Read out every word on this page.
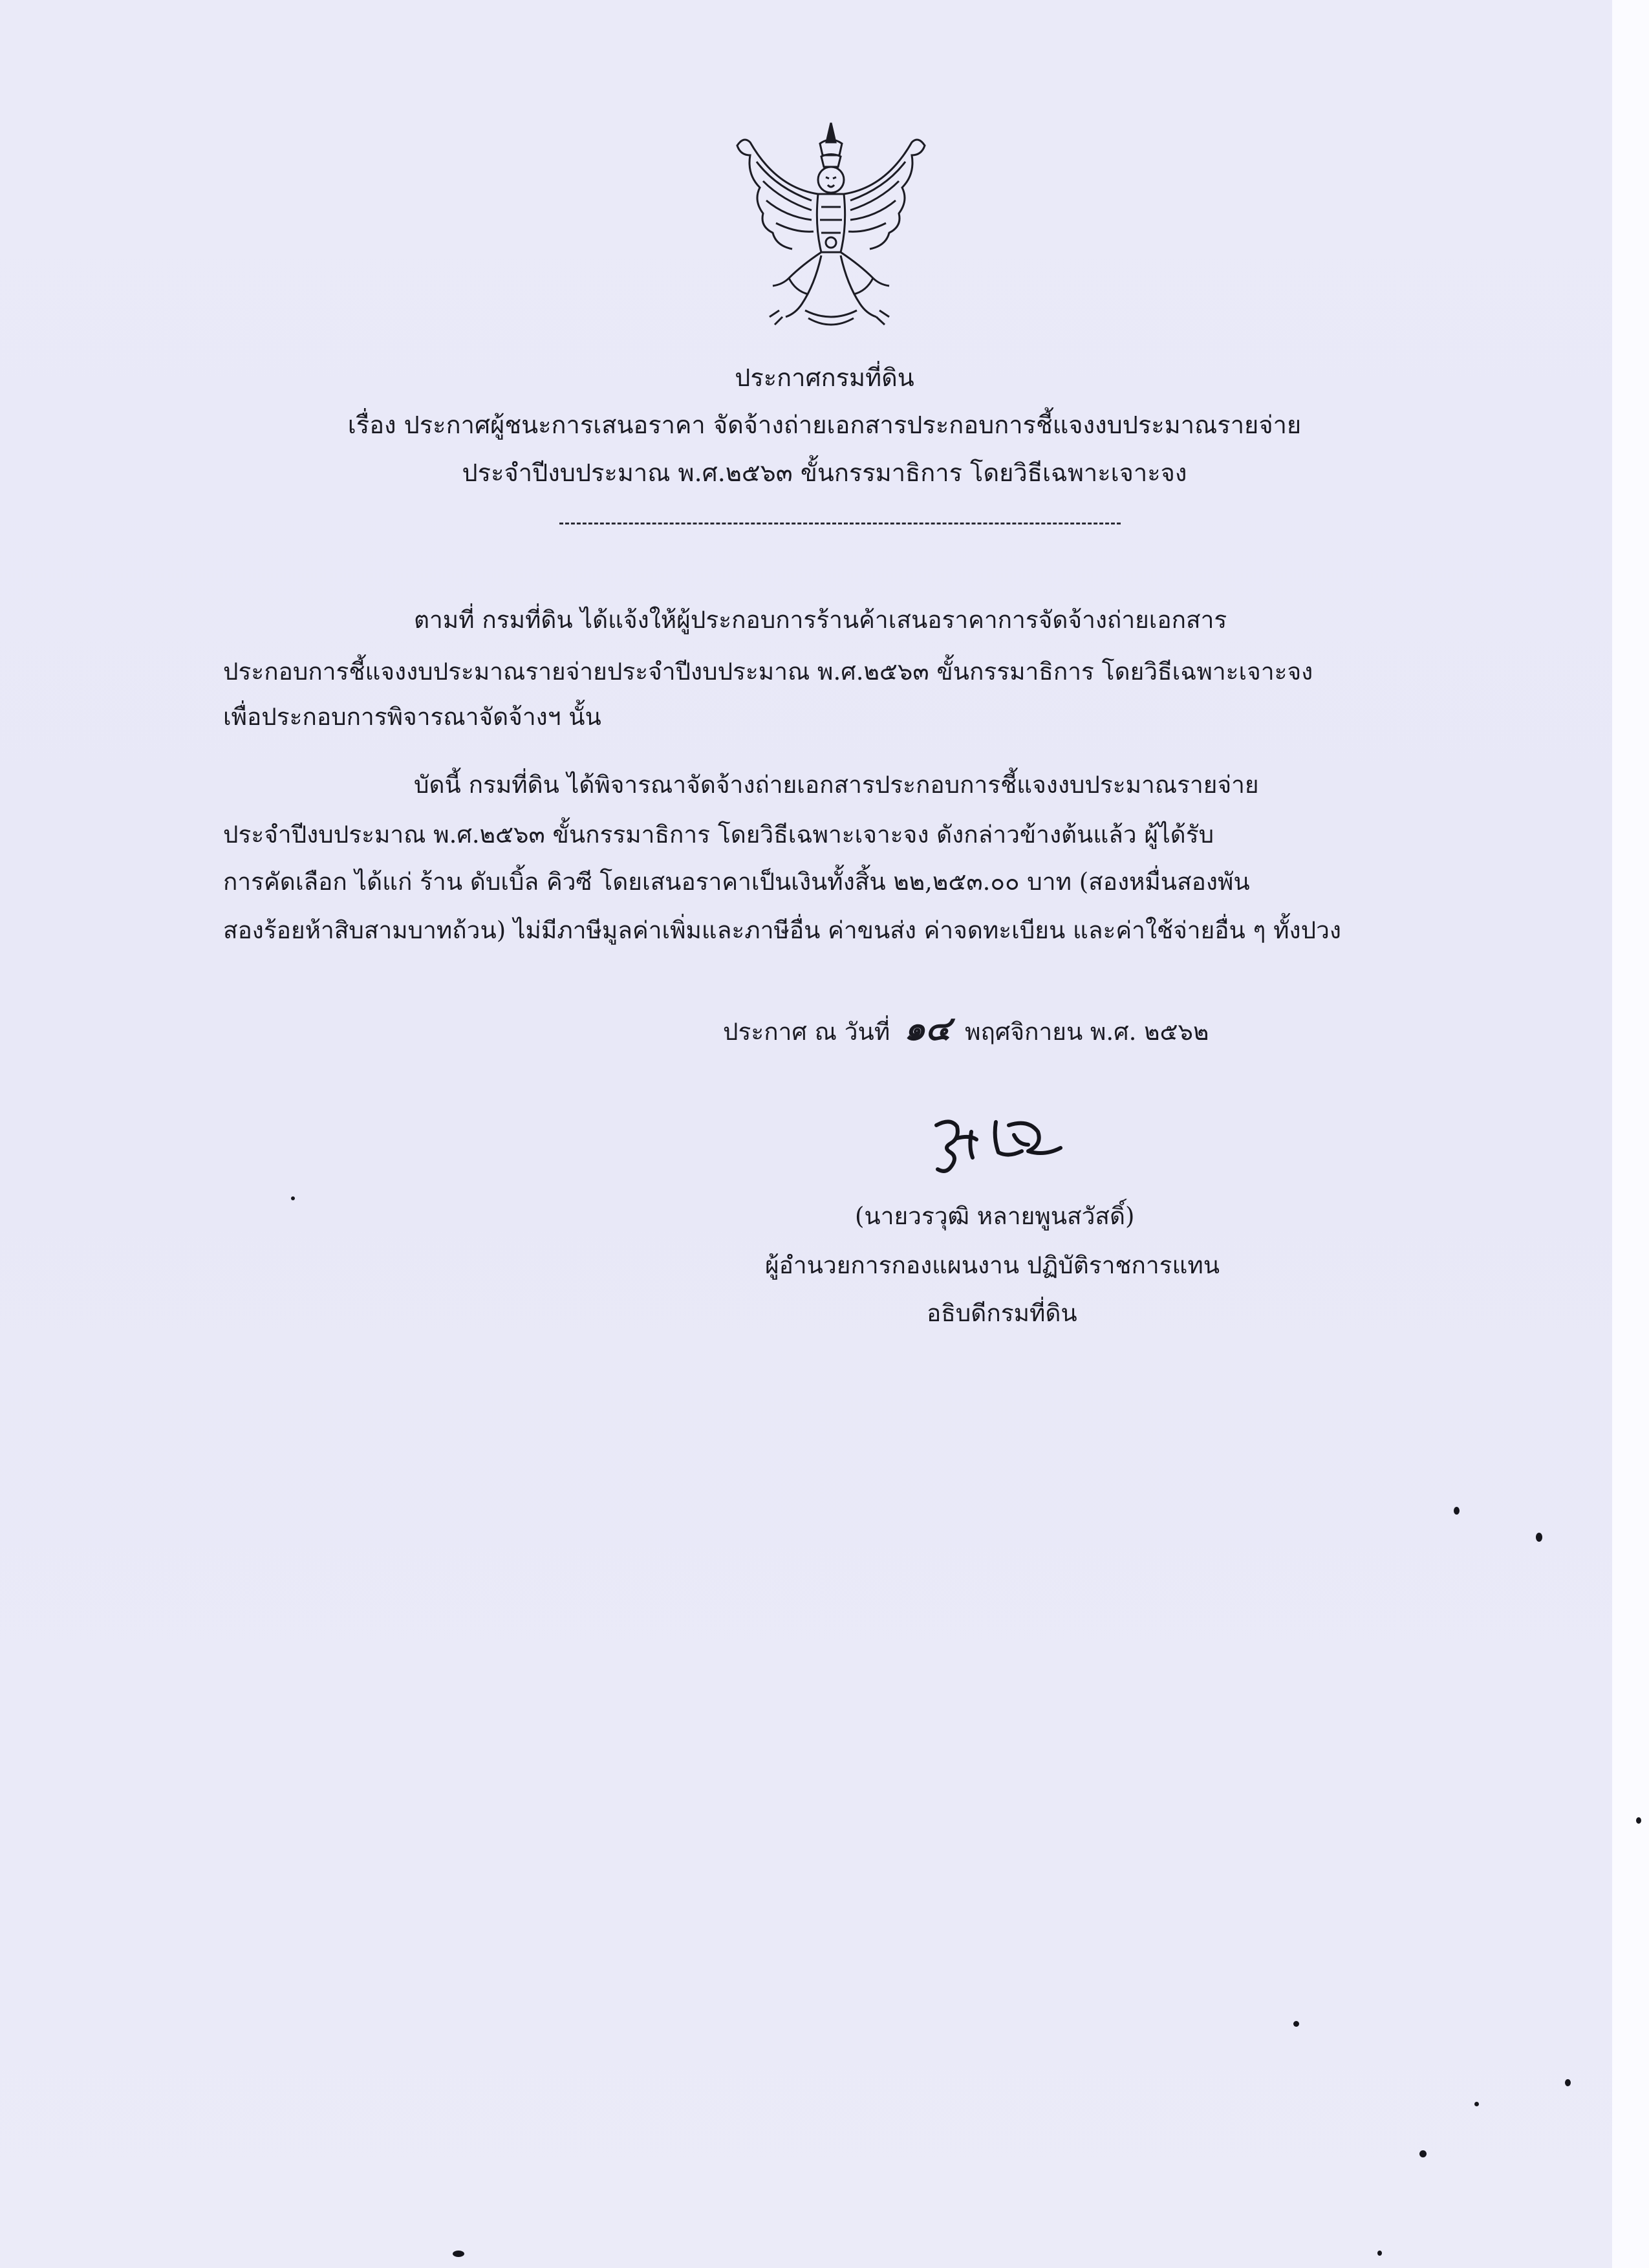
ประกาศกรมที่ดิน
เรื่อง ประกาศผู้ชนะการเสนอราคา จัดจ้างถ่ายเอกสารประกอบการชี้แจงงบประมาณรายจ่าย
ประจำปีงบประมาณ พ.ศ.๒๕๖๓ ขั้นกรรมาธิการ โดยวิธีเฉพาะเจาะจง
ตามที่ กรมที่ดิน ได้แจ้งให้ผู้ประกอบการร้านค้าเสนอราคาการจัดจ้างถ่ายเอกสาร
ประกอบการชี้แจงงบประมาณรายจ่ายประจำปีงบประมาณ พ.ศ.๒๕๖๓ ขั้นกรรมาธิการ โดยวิธีเฉพาะเจาะจง
เพื่อประกอบการพิจารณาจัดจ้างฯ นั้น
บัดนี้ กรมที่ดิน ได้พิจารณาจัดจ้างถ่ายเอกสารประกอบการชี้แจงงบประมาณรายจ่าย
ประจำปีงบประมาณ พ.ศ.๒๕๖๓ ขั้นกรรมาธิการ โดยวิธีเฉพาะเจาะจง ดังกล่าวข้างต้นแล้ว ผู้ได้รับ
การคัดเลือก ได้แก่ ร้าน ดับเบิ้ล คิวซี โดยเสนอราคาเป็นเงินทั้งสิ้น ๒๒,๒๕๓.๐๐ บาท (สองหมื่นสองพัน
สองร้อยห้าสิบสามบาทถ้วน) ไม่มีภาษีมูลค่าเพิ่มและภาษีอื่น ค่าขนส่ง ค่าจดทะเบียน และค่าใช้จ่ายอื่น ๆ ทั้งปวง
ประกาศ ณ วันที่ ๑๔ พฤศจิกายน พ.ศ. ๒๕๖๒
(นายวรวุฒิ หลายพูนสวัสดิ์)
ผู้อำนวยการกองแผนงาน ปฏิบัติราชการแทน
อธิบดีกรมที่ดิน
